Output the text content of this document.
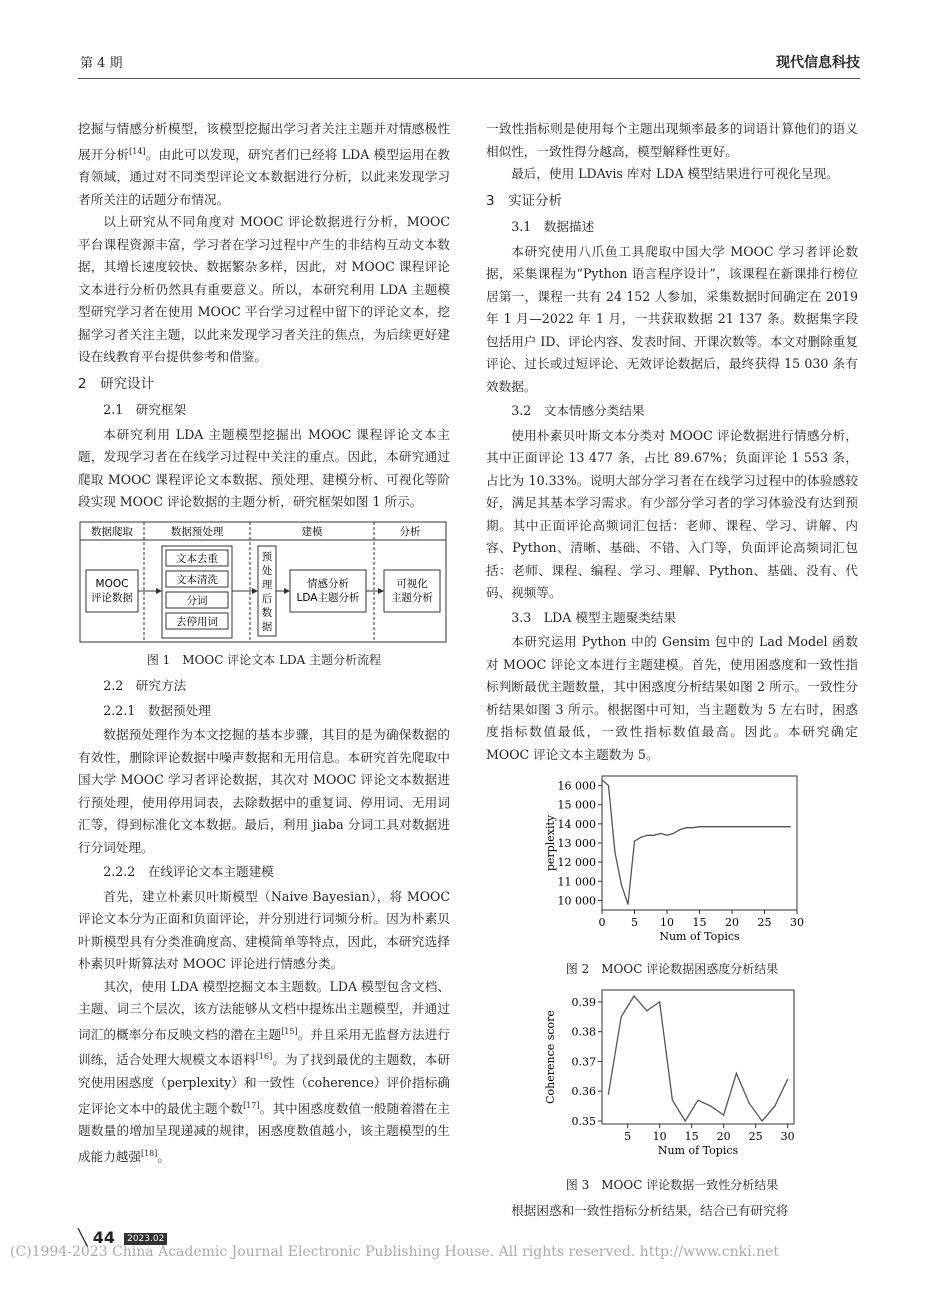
第 4 期	现代信息科技

挖掘与情感分析模型，该模型挖掘出学习者关注主题并对情感极性展开分析[14]。由此可以发现，研究者们已经将 LDA 模型运用在教育领域，通过对不同类型评论文本数据进行分析，以此来发现学习者所关注的话题分布情况。

以上研究从不同角度对 MOOC 评论数据进行分析，MOOC 平台课程资源丰富，学习者在学习过程中产生的非结构互动文本数据，其增长速度较快、数据繁杂多样，因此，对 MOOC 课程评论文本进行分析仍然具有重要意义。所以，本研究利用 LDA 主题模型研究学习者在使用 MOOC 平台学习过程中留下的评论文本，挖掘学习者关注主题，以此来发现学习者关注的焦点，为后续更好建设在线教育平台提供参考和借鉴。

2　研究设计
2.1　研究框架

本研究利用 LDA 主题模型挖掘出 MOOC 课程评论文本主题，发现学习者在在线学习过程中关注的重点。因此，本研究通过爬取 MOOC 课程评论文本数据、预处理、建模分析、可视化等阶段实现 MOOC 评论数据的主题分析，研究框架如图 1 所示。

数据爬取	数据预处理	建模	分析
MOOC
评论数据
文本去重
文本清洗
分词
去停用词
预
处
理
后
数
据
情感分析
LDA主题分析
可视化
主题分析
图 1　MOOC 评论文本 LDA 主题分析流程
2.2　研究方法
2.2.1　数据预处理

数据预处理作为本文挖掘的基本步骤，其目的是为确保数据的有效性，删除评论数据中噪声数据和无用信息。本研究首先爬取中国大学 MOOC 学习者评论数据，其次对 MOOC 评论文本数据进行预处理，使用停用词表，去除数据中的重复词、停用词、无用词汇等，得到标准化文本数据。最后，利用 jiaba 分词工具对数据进行分词处理。

2.2.2　在线评论文本主题建模

首先，建立朴素贝叶斯模型（Naive Bayesian），将 MOOC 评论文本分为正面和负面评论，并分别进行词频分析。因为朴素贝叶斯模型具有分类准确度高、建模简单等特点，因此，本研究选择朴素贝叶斯算法对 MOOC 评论进行情感分类。

其次，使用 LDA 模型挖掘文本主题数。LDA 模型包含文档、主题、词三个层次，该方法能够从文档中提炼出主题模型，并通过词汇的概率分布反映文档的潜在主题[15]。并且采用无监督方法进行训练，适合处理大规模文本语料[16]。为了找到最优的主题数，本研究使用困惑度（perplexity）和一致性（coherence）评价指标确定评论文本中的最优主题个数[17]。其中困惑度数值一般随着潜在主题数量的增加呈现递减的规律，困惑度数值越小，该主题模型的生成能力越强[18]。

一致性指标则是使用每个主题出现频率最多的词语计算他们的语义相似性，一致性得分越高，模型解释性更好。

最后，使用 LDAvis 库对 LDA 模型结果进行可视化呈现。

3　实证分析
3.1　数据描述

本研究使用八爪鱼工具爬取中国大学 MOOC 学习者评论数据，采集课程为“Python 语言程序设计”，该课程在新课排行榜位居第一，课程一共有 24 152 人参加，采集数据时间确定在 2019 年 1 月—2022 年 1 月，一共获取数据 21 137 条。数据集字段包括用户 ID、评论内容、发表时间、开课次数等。本文对删除重复评论、过长或过短评论、无效评论数据后，最终获得 15 030 条有效数据。

3.2　文本情感分类结果

使用朴素贝叶斯文本分类对 MOOC 评论数据进行情感分析，其中正面评论 13 477 条，占比 89.67%；负面评论 1 553 条，占比为 10.33%。说明大部分学习者在在线学习过程中的体验感较好，满足其基本学习需求。有少部分学习者的学习体验没有达到预期。其中正面评论高频词汇包括：老师、课程、学习、讲解、内容、Python、清晰、基础、不错、入门等，负面评论高频词汇包括：老师、课程、编程、学习、理解、Python、基础、没有、代码、视频等。

3.3　LDA 模型主题聚类结果

本研究运用 Python 中的 Gensim 包中的 Lad Model 函数对 MOOC 评论文本进行主题建模。首先，使用困惑度和一致性指标判断最优主题数量，其中困惑度分析结果如图 2 所示。一致性分析结果如图 3 所示。根据图中可知，当主题数为 5 左右时，困惑度指标数值最低，一致性指标数值最高。因此。本研究确定 MOOC 评论文本主题数为 5。

10 000
11 000
12 000
13 000
14 000
15 000
16 000
0 5 10 15 20 25 30
Num of Topics
perplexity
图 2　MOOC 评论数据困惑度分析结果
0.35
0.36
0.37
0.38
0.39
5 10 15 20 25 30
Num of Topics
Coherence score
图 3　MOOC 评论数据一致性分析结果

根据困惑和一致性指标分析结果，结合已有研究将

╲ 44 2023.02
(C)1994-2023 China Academic Journal Electronic Publishing House. All rights reserved. http://www.cnki.net
